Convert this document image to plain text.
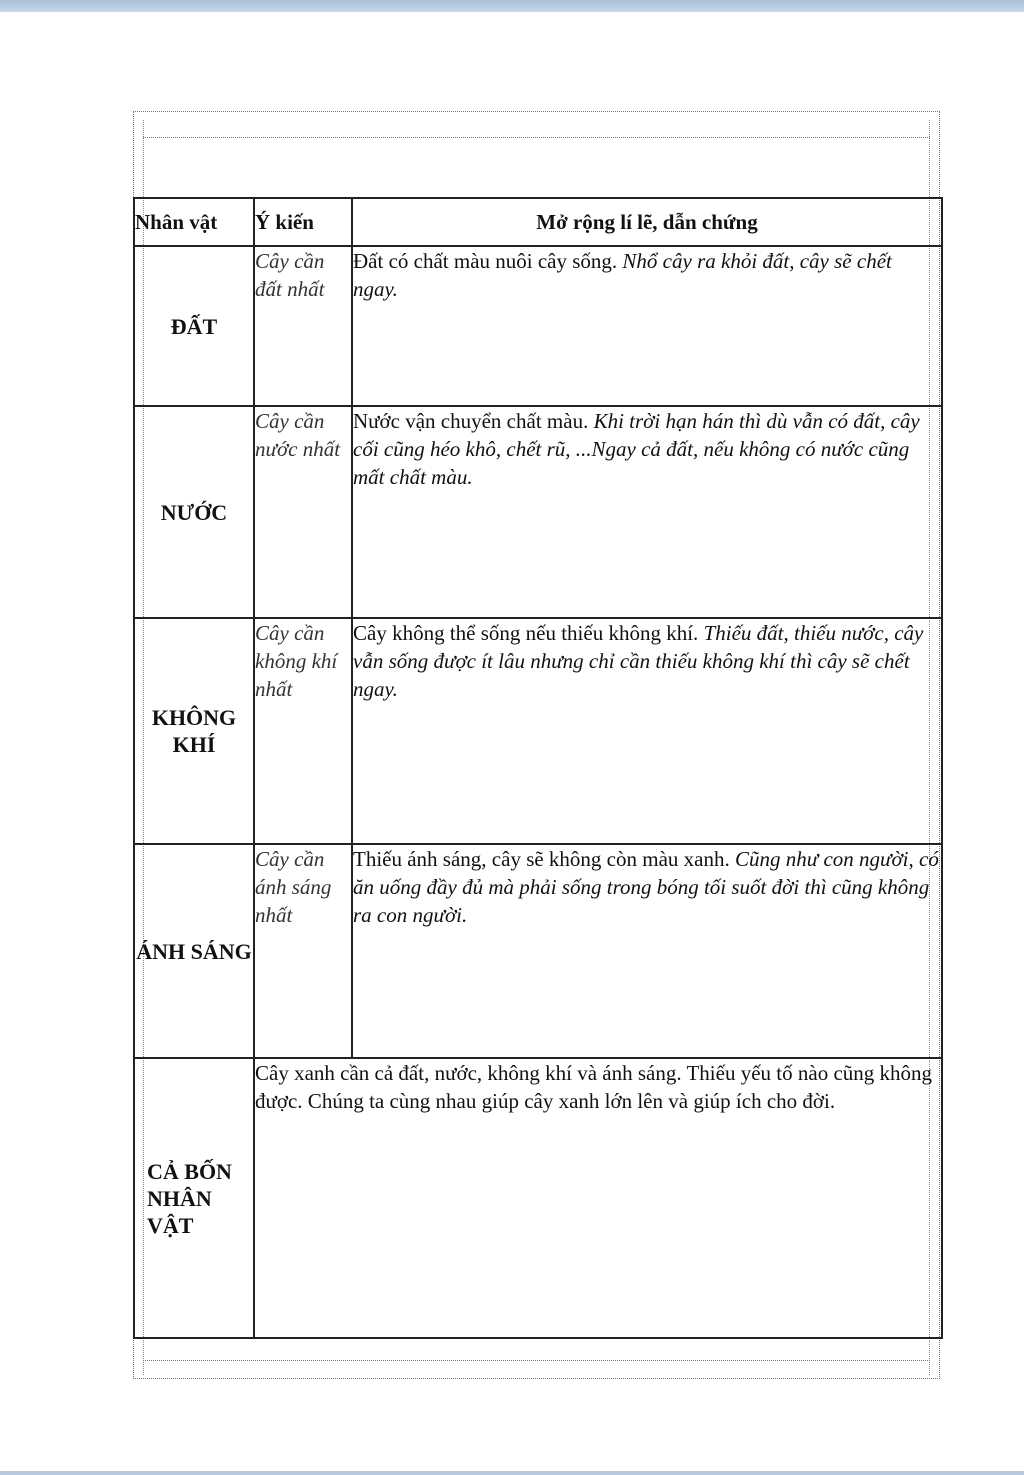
Nhân vật	Ý kiến	Mở rộng lí lẽ, dẫn chứng
ĐẤT	Cây cần đất nhất	Đất có chất màu nuôi cây sống. Nhổ cây ra khỏi đất, cây sẽ chết ngay.
NƯỚC	Cây cần nước nhất	Nước vận chuyển chất màu. Khi trời hạn hán thì dù vẫn có đất, cây cối cũng héo khô, chết rũ, ...Ngay cả đất, nếu không có nước cũng mất chất màu.
KHÔNG KHÍ	Cây cần không khí nhất	Cây không thể sống nếu thiếu không khí. Thiếu đất, thiếu nước, cây vẫn sống được ít lâu nhưng chỉ cần thiếu không khí thì cây sẽ chết ngay.
ÁNH SÁNG	Cây cần ánh sáng nhất	Thiếu ánh sáng, cây sẽ không còn màu xanh. Cũng như con người, có ăn uống đầy đủ mà phải sống trong bóng tối suốt đời thì cũng không ra con người.
CẢ BỐN NHÂN VẬT	Cây xanh cần cả đất, nước, không khí và ánh sáng. Thiếu yếu tố nào cũng không được. Chúng ta cùng nhau giúp cây xanh lớn lên và giúp ích cho đời.	
